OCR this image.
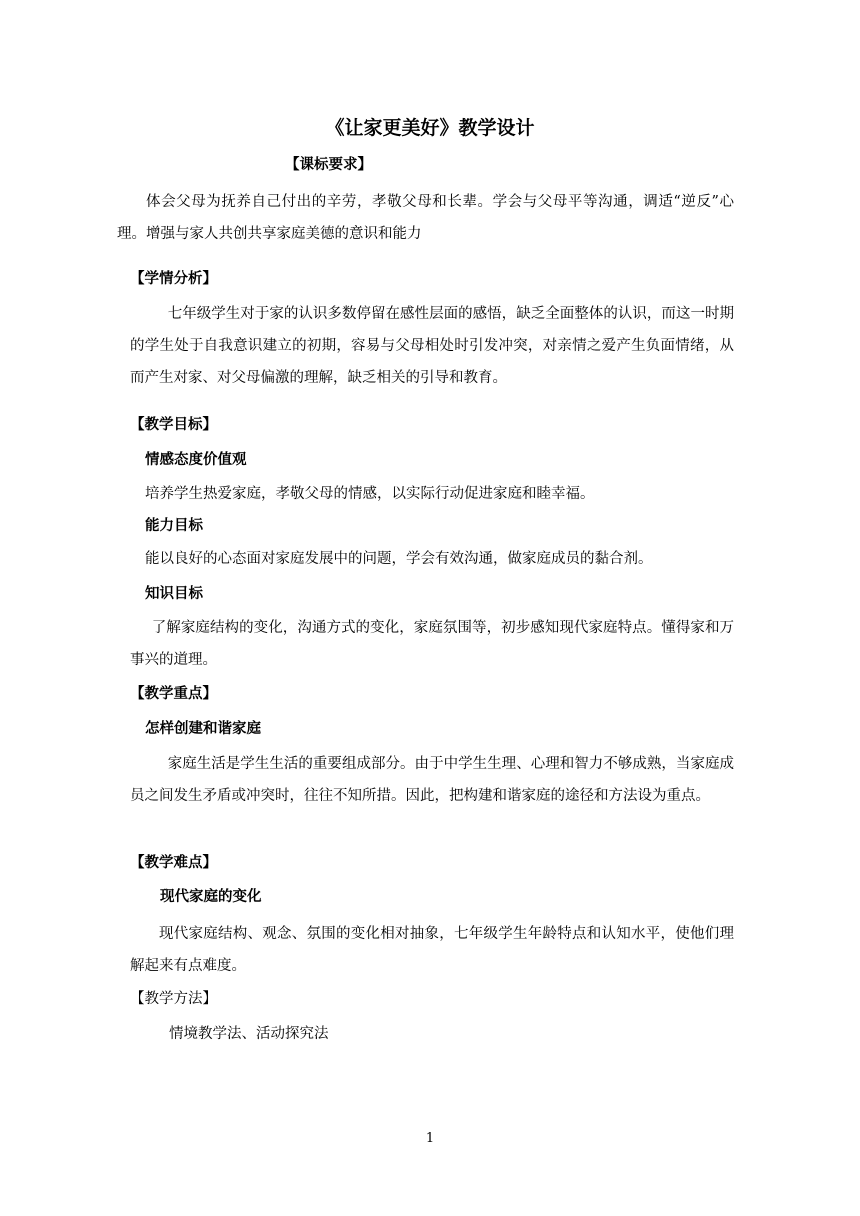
《让家更美好》教学设计
【课标要求】
体会父母为抚养自己付出的辛劳，孝敬父母和长辈。学会与父母平等沟通，调适“逆反”心理。增强与家人共创共享家庭美德的意识和能力
【学情分析】
七年级学生对于家的认识多数停留在感性层面的感悟，缺乏全面整体的认识，而这一时期的学生处于自我意识建立的初期，容易与父母相处时引发冲突，对亲情之爱产生负面情绪，从而产生对家、对父母偏激的理解，缺乏相关的引导和教育。
【教学目标】
情感态度价值观
培养学生热爱家庭，孝敬父母的情感，以实际行动促进家庭和睦幸福。
能力目标
能以良好的心态面对家庭发展中的问题，学会有效沟通，做家庭成员的黏合剂。
知识目标
了解家庭结构的变化，沟通方式的变化，家庭氛围等，初步感知现代家庭特点。懂得家和万事兴的道理。
【教学重点】
怎样创建和谐家庭
家庭生活是学生生活的重要组成部分。由于中学生生理、心理和智力不够成熟，当家庭成员之间发生矛盾或冲突时，往往不知所措。因此，把构建和谐家庭的途径和方法设为重点。
【教学难点】
现代家庭的变化
现代家庭结构、观念、氛围的变化相对抽象，七年级学生年龄特点和认知水平，使他们理解起来有点难度。
【教学方法】
情境教学法、活动探究法
1
